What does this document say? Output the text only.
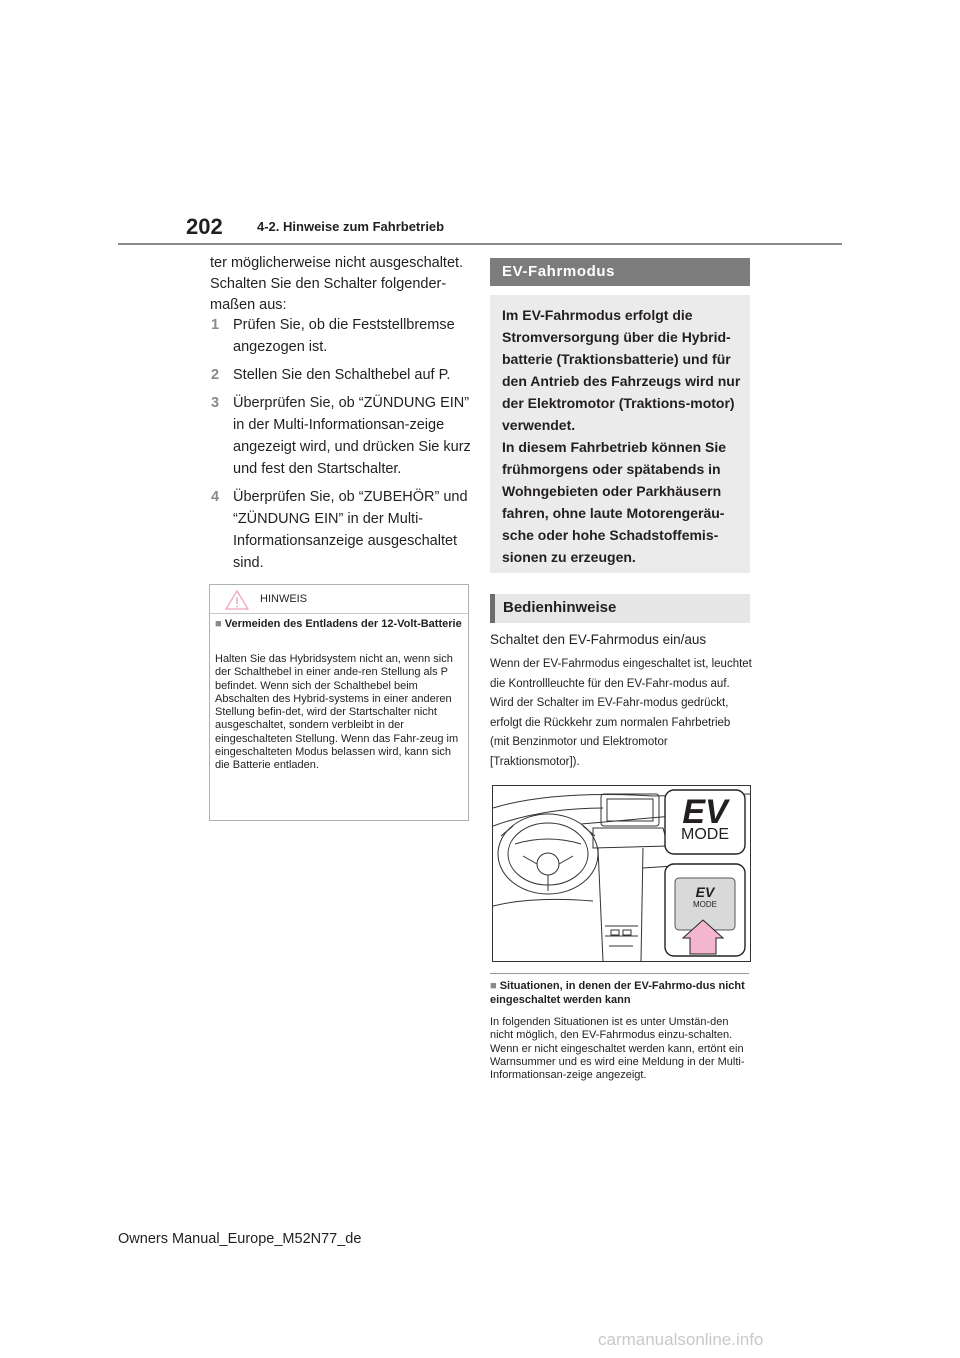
202	4-2. Hinweise zum Fahrbetrieb
ter möglicherweise nicht ausgeschaltet. Schalten Sie den Schalter folgender-maßen aus:
1 Prüfen Sie, ob die Feststellbremse angezogen ist.
2 Stellen Sie den Schalthebel auf P.
3 Überprüfen Sie, ob “ZÜNDUNG EIN” in der Multi-Informationsan-zeige angezeigt wird, und drücken Sie kurz und fest den Startschalter.
4 Überprüfen Sie, ob “ZUBEHÖR” und “ZÜNDUNG EIN” in der Multi-Informationsanzeige ausgeschaltet sind.
HINWEIS
■ Vermeiden des Entladens der 12-Volt-Batterie
Halten Sie das Hybridsystem nicht an, wenn sich der Schalthebel in einer ande-ren Stellung als P befindet. Wenn sich der Schalthebel beim Abschalten des Hybrid-systems in einer anderen Stellung befin-det, wird der Startschalter nicht ausgeschaltet, sondern verbleibt in der eingeschalteten Stellung. Wenn das Fahr-zeug im eingeschalteten Modus belassen wird, kann sich die Batterie entladen.
EV-Fahrmodus
Im EV-Fahrmodus erfolgt die Stromversorgung über die Hybrid-batterie (Traktionsbatterie) und für den Antrieb des Fahrzeugs wird nur der Elektromotor (Traktions-motor) verwendet.
In diesem Fahrbetrieb können Sie frühmorgens oder spätabends in Wohngebieten oder Parkhäusern fahren, ohne laute Motorengeräu-sche oder hohe Schadstoffemis-sionen zu erzeugen.
Bedienhinweise
Schaltet den EV-Fahrmodus ein/aus
Wenn der EV-Fahrmodus eingeschaltet ist, leuchtet die Kontrollleuchte für den EV-Fahr-modus auf. Wird der Schalter im EV-Fahr-modus gedrückt, erfolgt die Rückkehr zum normalen Fahrbetrieb (mit Benzinmotor und Elektromotor [Traktionsmotor]).
EV
MODE
EV
MODE
■ Situationen, in denen der EV-Fahrmo-dus nicht eingeschaltet werden kann
In folgenden Situationen ist es unter Umstän-den nicht möglich, den EV-Fahrmodus einzu-schalten. Wenn er nicht eingeschaltet werden kann, ertönt ein Warnsummer und es wird eine Meldung in der Multi-Informationsan-zeige angezeigt.
Owners Manual_Europe_M52N77_de
carmanualsonline.info
